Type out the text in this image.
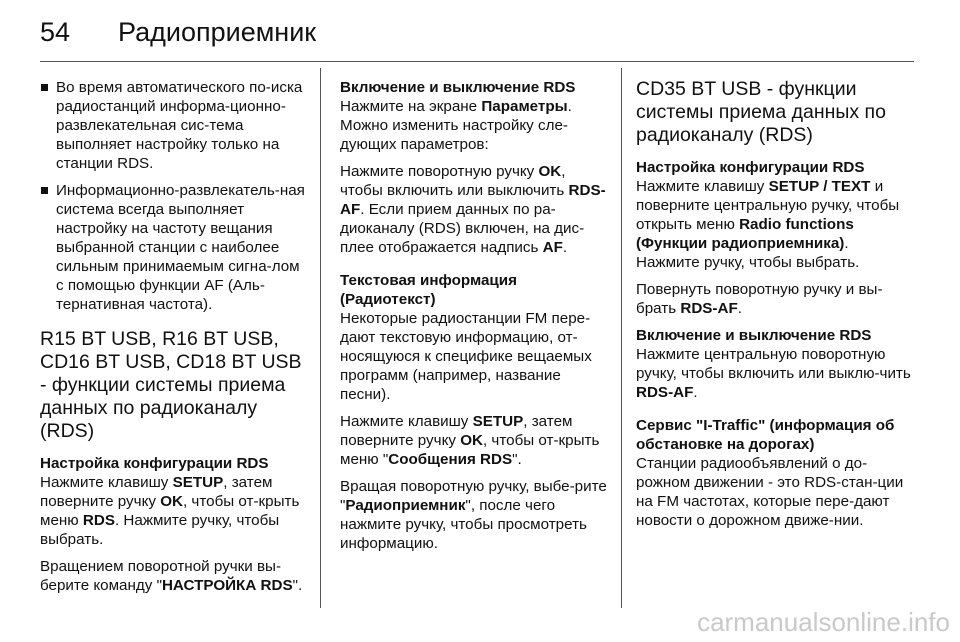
54 Радиоприемник
Во время автоматического по-иска радиостанций информа-ционно-развлекательная сис-тема выполняет настройку только на станции RDS.
Информационно-развлекатель-ная система всегда выполняет настройку на частоту вещания выбранной станции с наиболее сильным принимаемым сигна-лом с помощью функции AF (Аль-тернативная частота).
R15 BT USB, R16 BT USB, CD16 BT USB, CD18 BT USB - функции системы приема данных по радиоканалу (RDS)
Настройка конфигурации RDS

Нажмите клавишу SETUP, затем поверните ручку OK, чтобы от-крыть меню RDS. Нажмите ручку, чтобы выбрать.

Вращением поворотной ручки вы-берите команду "НАСТРОЙКА RDS".

Включение и выключение RDS

Нажмите на экране Параметры. Можно изменить настройку сле-дующих параметров:

Нажмите поворотную ручку OK, чтобы включить или выключить RDS-AF. Если прием данных по ра-диоканалу (RDS) включен, на дис-плее отображается надпись AF.

Текстовая информация (Радиотекст)

Некоторые радиостанции FM пере-дают текстовую информацию, от-носящуюся к специфике вещаемых программ (например, название песни).

Нажмите клавишу SETUP, затем поверните ручку OK, чтобы от-крыть меню "Сообщения RDS".

Вращая поворотную ручку, выбе-рите "Радиоприемник", после чего нажмите ручку, чтобы просмотреть информацию.

CD35 BT USB - функции системы приема данных по радиоканалу (RDS)
Настройка конфигурации RDS

Нажмите клавишу SETUP / TEXT и поверните центральную ручку, чтобы открыть меню Radio functions (Функции радиоприемника). Нажмите ручку, чтобы выбрать.

Повернуть поворотную ручку и вы-брать RDS-AF.

Включение и выключение RDS

Нажмите центральную поворотную ручку, чтобы включить или выклю-чить RDS-AF.

Сервис "I-Traffic" (информация об обстановке на дорогах)

Станции радиообъявлений о до-рожном движении - это RDS-стан-ции на FM частотах, которые пере-дают новости о дорожном движе-нии.

carmanualsonline.info
